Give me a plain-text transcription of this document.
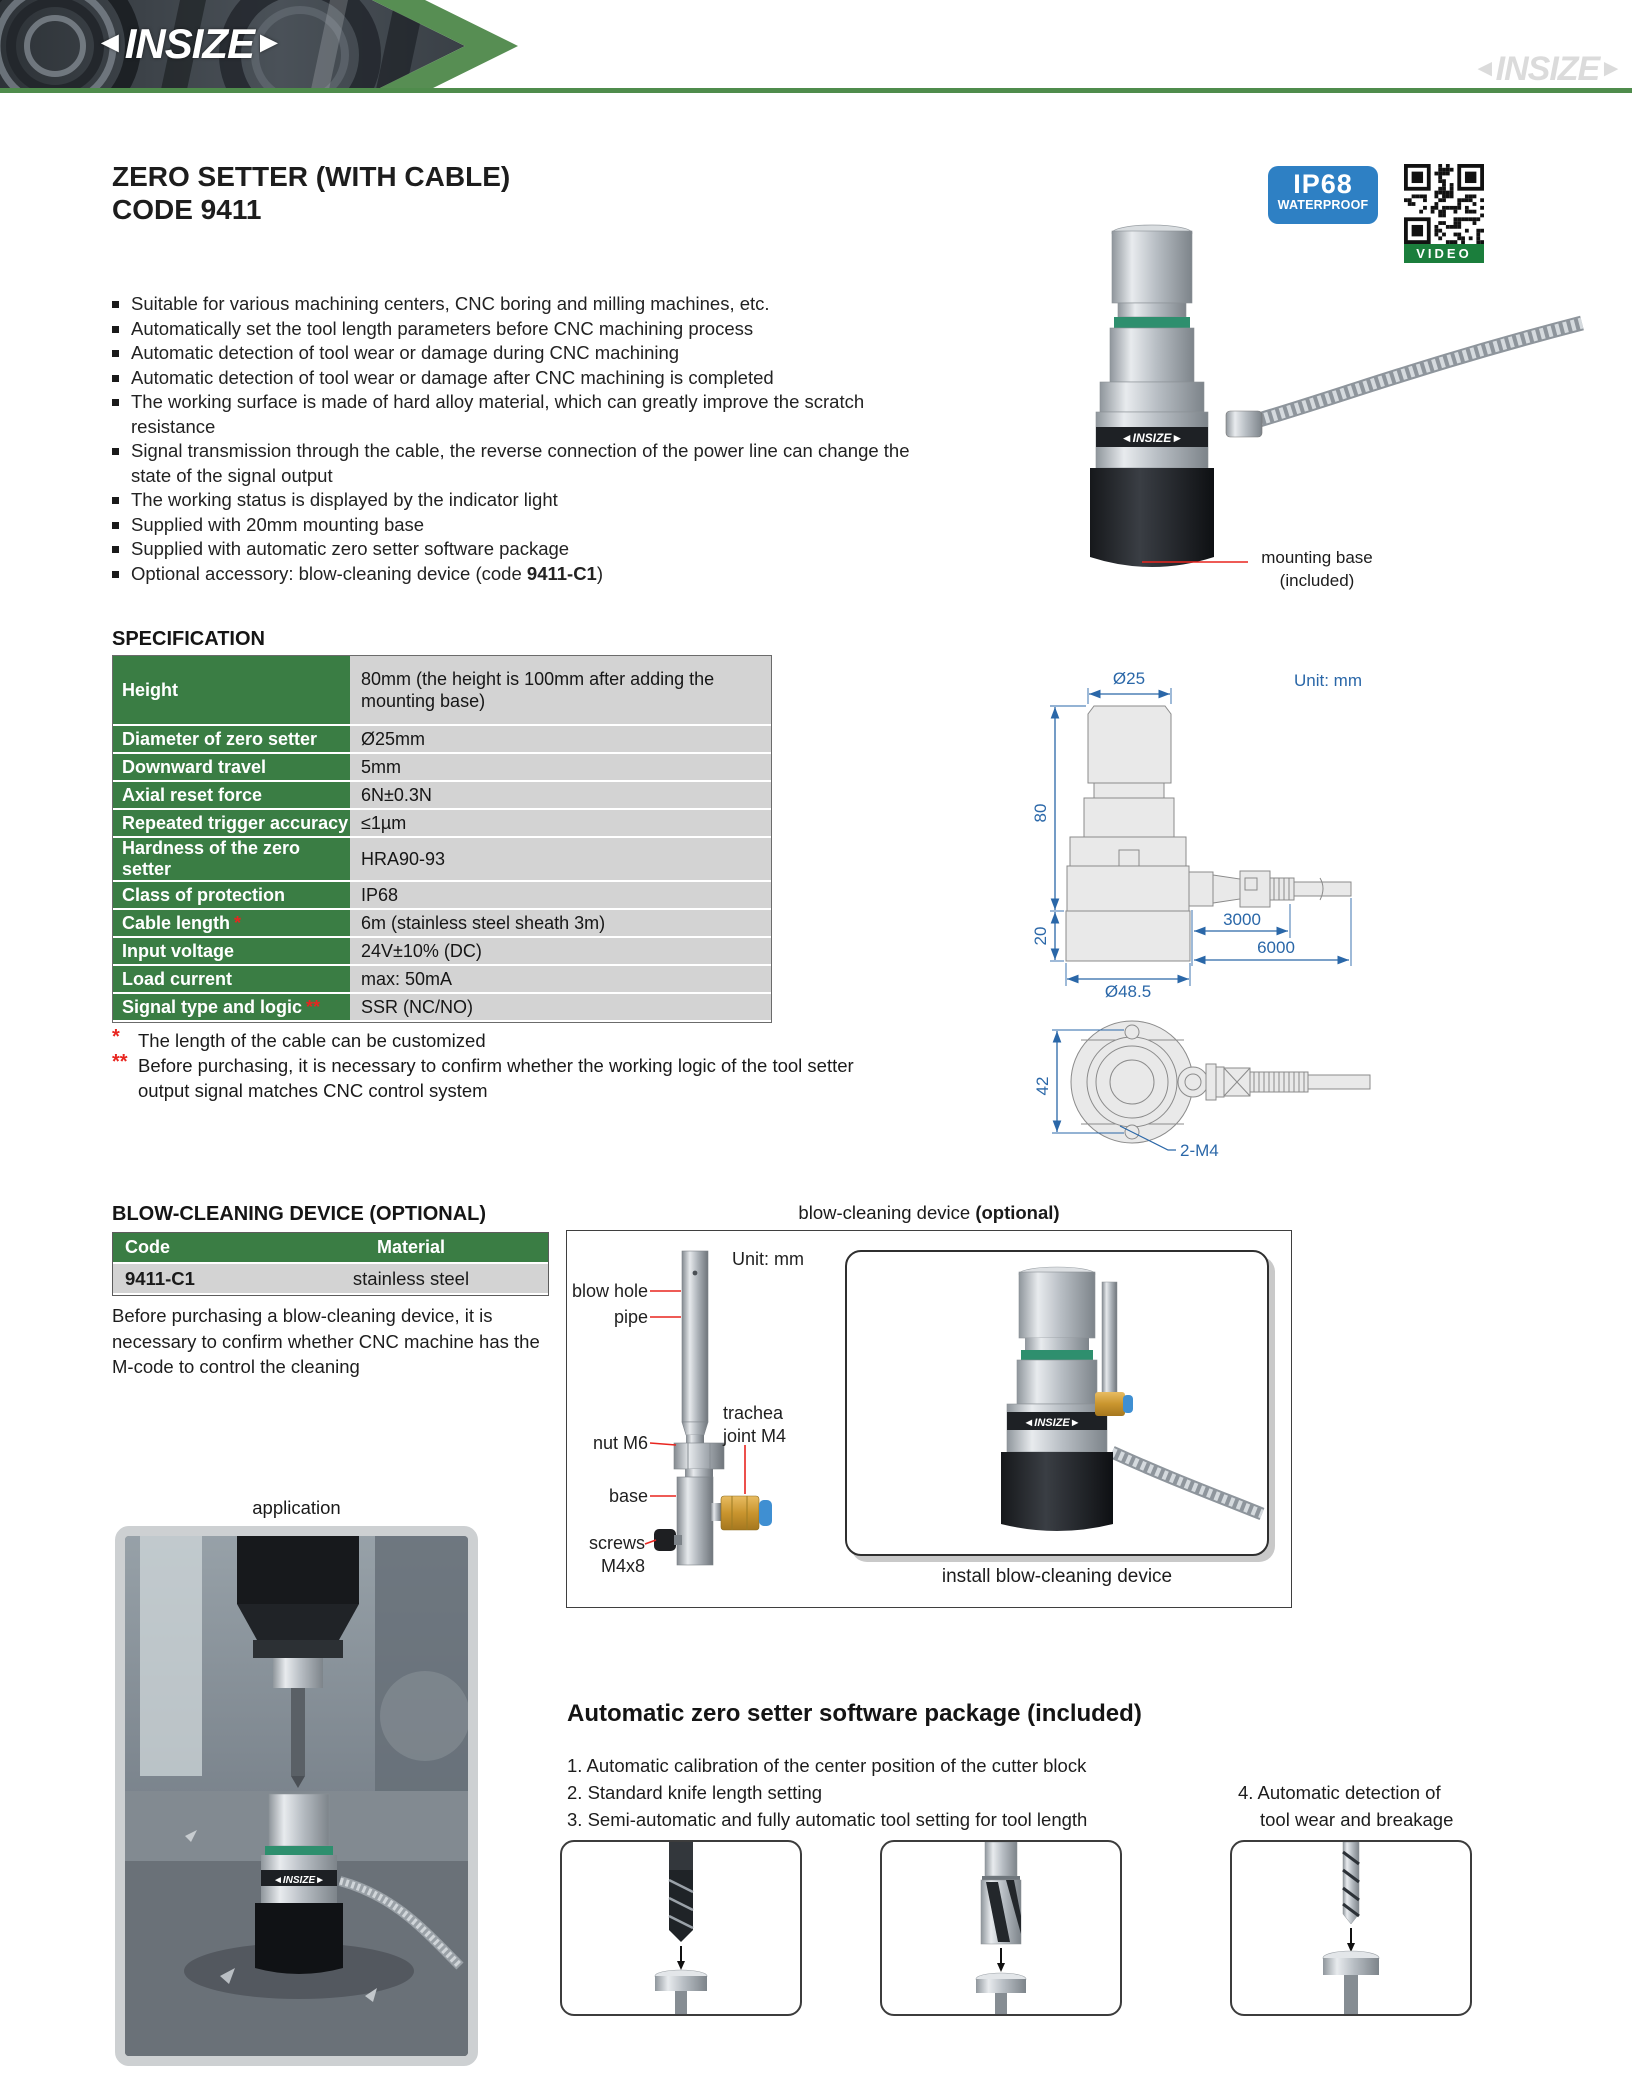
◄INSIZE►
◄INSIZE►
ZERO SETTER (WITH CABLE)
CODE 9411
IP68
WATERPROOF
VIDEO
Suitable for various machining centers, CNC boring and milling machines, etc.
Automatically set the tool length parameters before CNC machining process
Automatic detection of tool wear or damage during CNC machining
Automatic detection of tool wear or damage after CNC machining is completed
The working surface is made of hard alloy material, which can greatly improve the scratch resistance
Signal transmission through the cable, the reverse connection of the power line can change the state of the signal output
The working status is displayed by the indicator light
Supplied with 20mm mounting base
Supplied with automatic zero setter software package
Optional accessory: blow-cleaning device (code 9411-C1)
◄INSIZE►
mounting base
(included)
SPECIFICATION
Height	80mm (the height is 100mm after adding the mounting base)
Diameter of zero setter	Ø25mm
Downward travel	5mm
Axial reset force	6N±0.3N
Repeated trigger accuracy	≤1µm
Hardness of the zero setter	HRA90-93
Class of protection	IP68
Cable length *	6m (stainless steel sheath 3m)
Input voltage	24V±10% (DC)
Load current	max: 50mA
Signal type and logic **	SSR (NC/NO)
* The length of the cable can be customized
** Before purchasing, it is necessary to confirm whether the working logic of the tool setter output signal matches CNC control system
Ø25	Unit: mm
80
20
Ø48.5
3000
6000
42
2-M4
BLOW-CLEANING DEVICE (OPTIONAL)
Code	Material
9411-C1	stainless steel
Before purchasing a blow-cleaning device, it is necessary to confirm whether CNC machine has the M-code to control the cleaning
blow-cleaning device (optional)
blow hole
pipe
nut M6
base
screws
M4x8
trachea
joint M4
Unit: mm
◄INSIZE►
install blow-cleaning device
application
◄INSIZE►
Automatic zero setter software package (included)
1. Automatic calibration of the center position of the cutter block
2. Standard knife length setting
3. Semi-automatic and fully automatic tool setting for tool length
4. Automatic detection of
tool wear and breakage
